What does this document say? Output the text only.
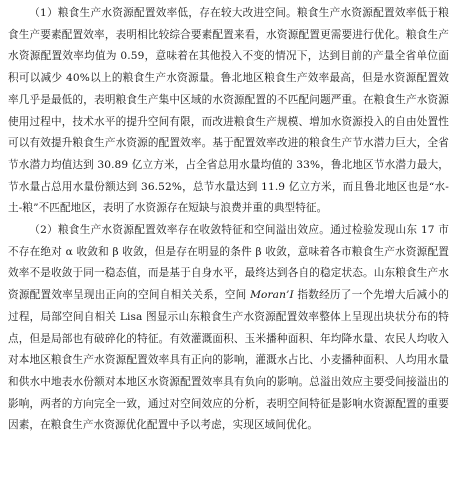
（1）粮食生产水资源配置效率低，存在较大改进空间。粮食生产水资源配置效率低于粮食生产要素配置效率，表明相比较综合要素配置来看，水资源配置更需要进行优化。粮食生产水资源配置效率均值为 0.59，意味着在其他投入不变的情况下，达到目前的产量全省单位面积可以减少 40%以上的粮食生产水资源量。鲁北地区粮食生产效率最高，但是水资源配置效率几乎是最低的，表明粮食生产集中区域的水资源配置的不匹配问题严重。在粮食生产水资源使用过程中，技术水平的提升空间有限，而改进粮食生产规模、增加水资源投入的自由处置性可以有效提升粮食生产水资源的配置效率。基于配置效率改进的粮食生产节水潜力巨大，全省节水潜力均值达到 30.89 亿立方米，占全省总用水量均值的 33%，鲁北地区节水潜力最大，节水量占总用水量份额达到 36.52%，总节水量达到 11.9 亿立方米，而且鲁北地区也是“水-土-粮”不匹配地区，表明了水资源存在短缺与浪费并重的典型特征。

（2）粮食生产水资源配置效率存在收敛特征和空间溢出效应。通过检验发现山东 17 市不存在绝对 α 收敛和 β 收敛，但是存在明显的条件 β 收敛，意味着各市粮食生产水资源配置效率不是收敛于同一稳态值，而是基于自身水平，最终达到各自的稳定状态。山东粮食生产水资源配置效率呈现出正向的空间自相关关系，空间 Moran’I 指数经历了一个先增大后减小的过程，局部空间自相关 Lisa 图显示山东粮食生产水资源配置效率整体上呈现出块状分布的特点，但是局部也有破碎化的特征。有效灌溉面积、玉米播种面积、年均降水量、农民人均收入对本地区粮食生产水资源配置效率具有正向的影响，灌溉水占比、小麦播种面积、人均用水量和供水中地表水份额对本地区水资源配置效率具有负向的影响。总溢出效应主要受间接溢出的影响，两者的方向完全一致，通过对空间效应的分析，表明空间特征是影响水资源配置的重要因素，在粮食生产水资源优化配置中予以考虑，实现区域间优化。
